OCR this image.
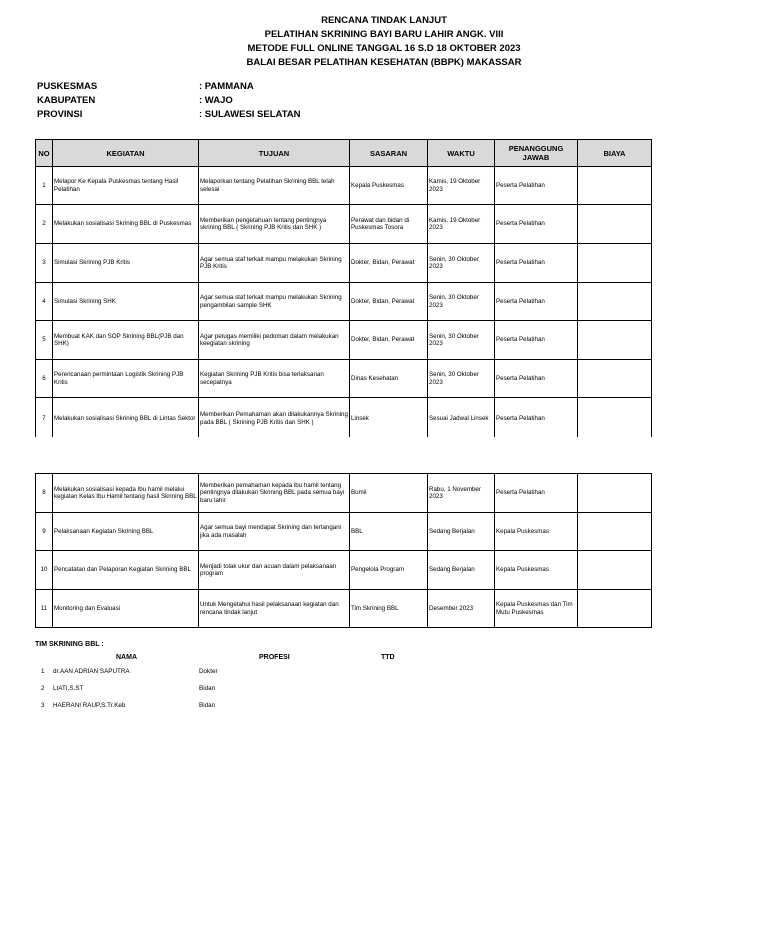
RENCANA TINDAK LANJUT
PELATIHAN SKRINING BAYI BARU LAHIR ANGK. VIII
METODE FULL ONLINE TANGGAL 16 S.D 18 OKTOBER 2023
BALAI BESAR PELATIHAN KESEHATAN (BBPK) MAKASSAR
PUSKESMAS	: PAMMANA
KABUPATEN	: WAJO
PROVINSI	: SULAWESI SELATAN
NO	KEGIATAN	TUJUAN	SASARAN	WAKTU	PENANGGUNG JAWAB	BIAYA
1	Melapor Ke Kepala Puskesmas tentang Hasil Pelatihan	Melaporkan tentang Pelatihan Skrining BBL telah selesai	Kepala Puskesmas	Kamis, 19 Oktober 2023	Peserta Pelatihan	
2	Melakukan sosialisasi Skrining BBL di Puskesmas	Memberikan pengetahuan tentang pentingnya skrining BBL ( Skrining PJB Kritis dan SHK )	Perawat dan bidan di Puskesmas Tosora	Kamis, 19 Oktober 2023	Peserta Pelatihan	
3	Simulasi Skrining PJB Kritis	Agar semua staf terkait mampu melakukan Skrining PJB Kritis	Dokter, Bidan, Perawat	Senin, 30 Oktober 2023	Peserta Pelatihan	
4	Simulasi Skrining SHK	Agar semua staf terkait mampu melakukan Skrining pengambilan sample SHK	Dokter, Bidan, Perawat	Senin, 30 Oktober 2023	Peserta Pelatihan	
5	Membuat KAK dan SOP Skrining BBL(PJB dan SHK)	Agar petugas memiliki pedoman dalam melakukan keegiatan skrining	Dokter, Bidan, Perawat	Senin, 30 Oktober 2023	Peserta Pelatihan	
6	Perencanaan permintaan Logistik Skrining PJB Kritis	Kegiatan Skrining PJB Kritis bisa terlaksanan secepatnya	Dinas Kesehatan	Senin, 30 Oktober 2023	Peserta Pelatihan	
7	Melakukan sosialisasi Skrining BBL di Lintas Sektor	Memberikan Pemahaman akan dilakukannya Skrining pada BBL ( Skrining PJB Kritis dan SHK )	Linsek	Sesuai Jadwal Linsek	Peserta Pelatihan	
8	Melakukan sosialisasi kepada Ibu hamil melalui kegiatan Kelas Ibu Hamil tentang hasil Skrining BBL	Memberikan pemahaman kepada ibu hamil tentang pentingnya dilakukan Skrining BBL pada semua bayi baru lahir	Bumil	Rabu, 1 November 2023	Peserta Pelatihan	
9	Pelaksanaan Kegiatan Skrining BBL	Agar semua bayi mendapat Skrining dan tertangani jika ada masalah	BBL	Sedang Berjalan	Kepala Puskesmas	
10	Pencatatan dan Pelaporan Kegiatan Skrining BBL	Menjadi tolak ukur dan acuan dalam pelaksanaan program	Pengelola Program	Sedang Berjalan	Kepala Puskesmas	
11	Monitoring dan Evaluasi	Untuk Mengetahui hasil pelaksanaan kegiatan dan rencana tindak lanjut	Tim Skrining BBL	Desember 2023	Kepala Puskesmas dan Tim Mutu Puskesmas	
TIM SKRINING BBL :
NAMA	PROFESI	TTD
1 dr.AAN ADRIAN SAPUTRA	Dokter
2 LIATI,S.ST	Bidan
3 HAERANI RAUP,S.Tr.Keb	Bidan
